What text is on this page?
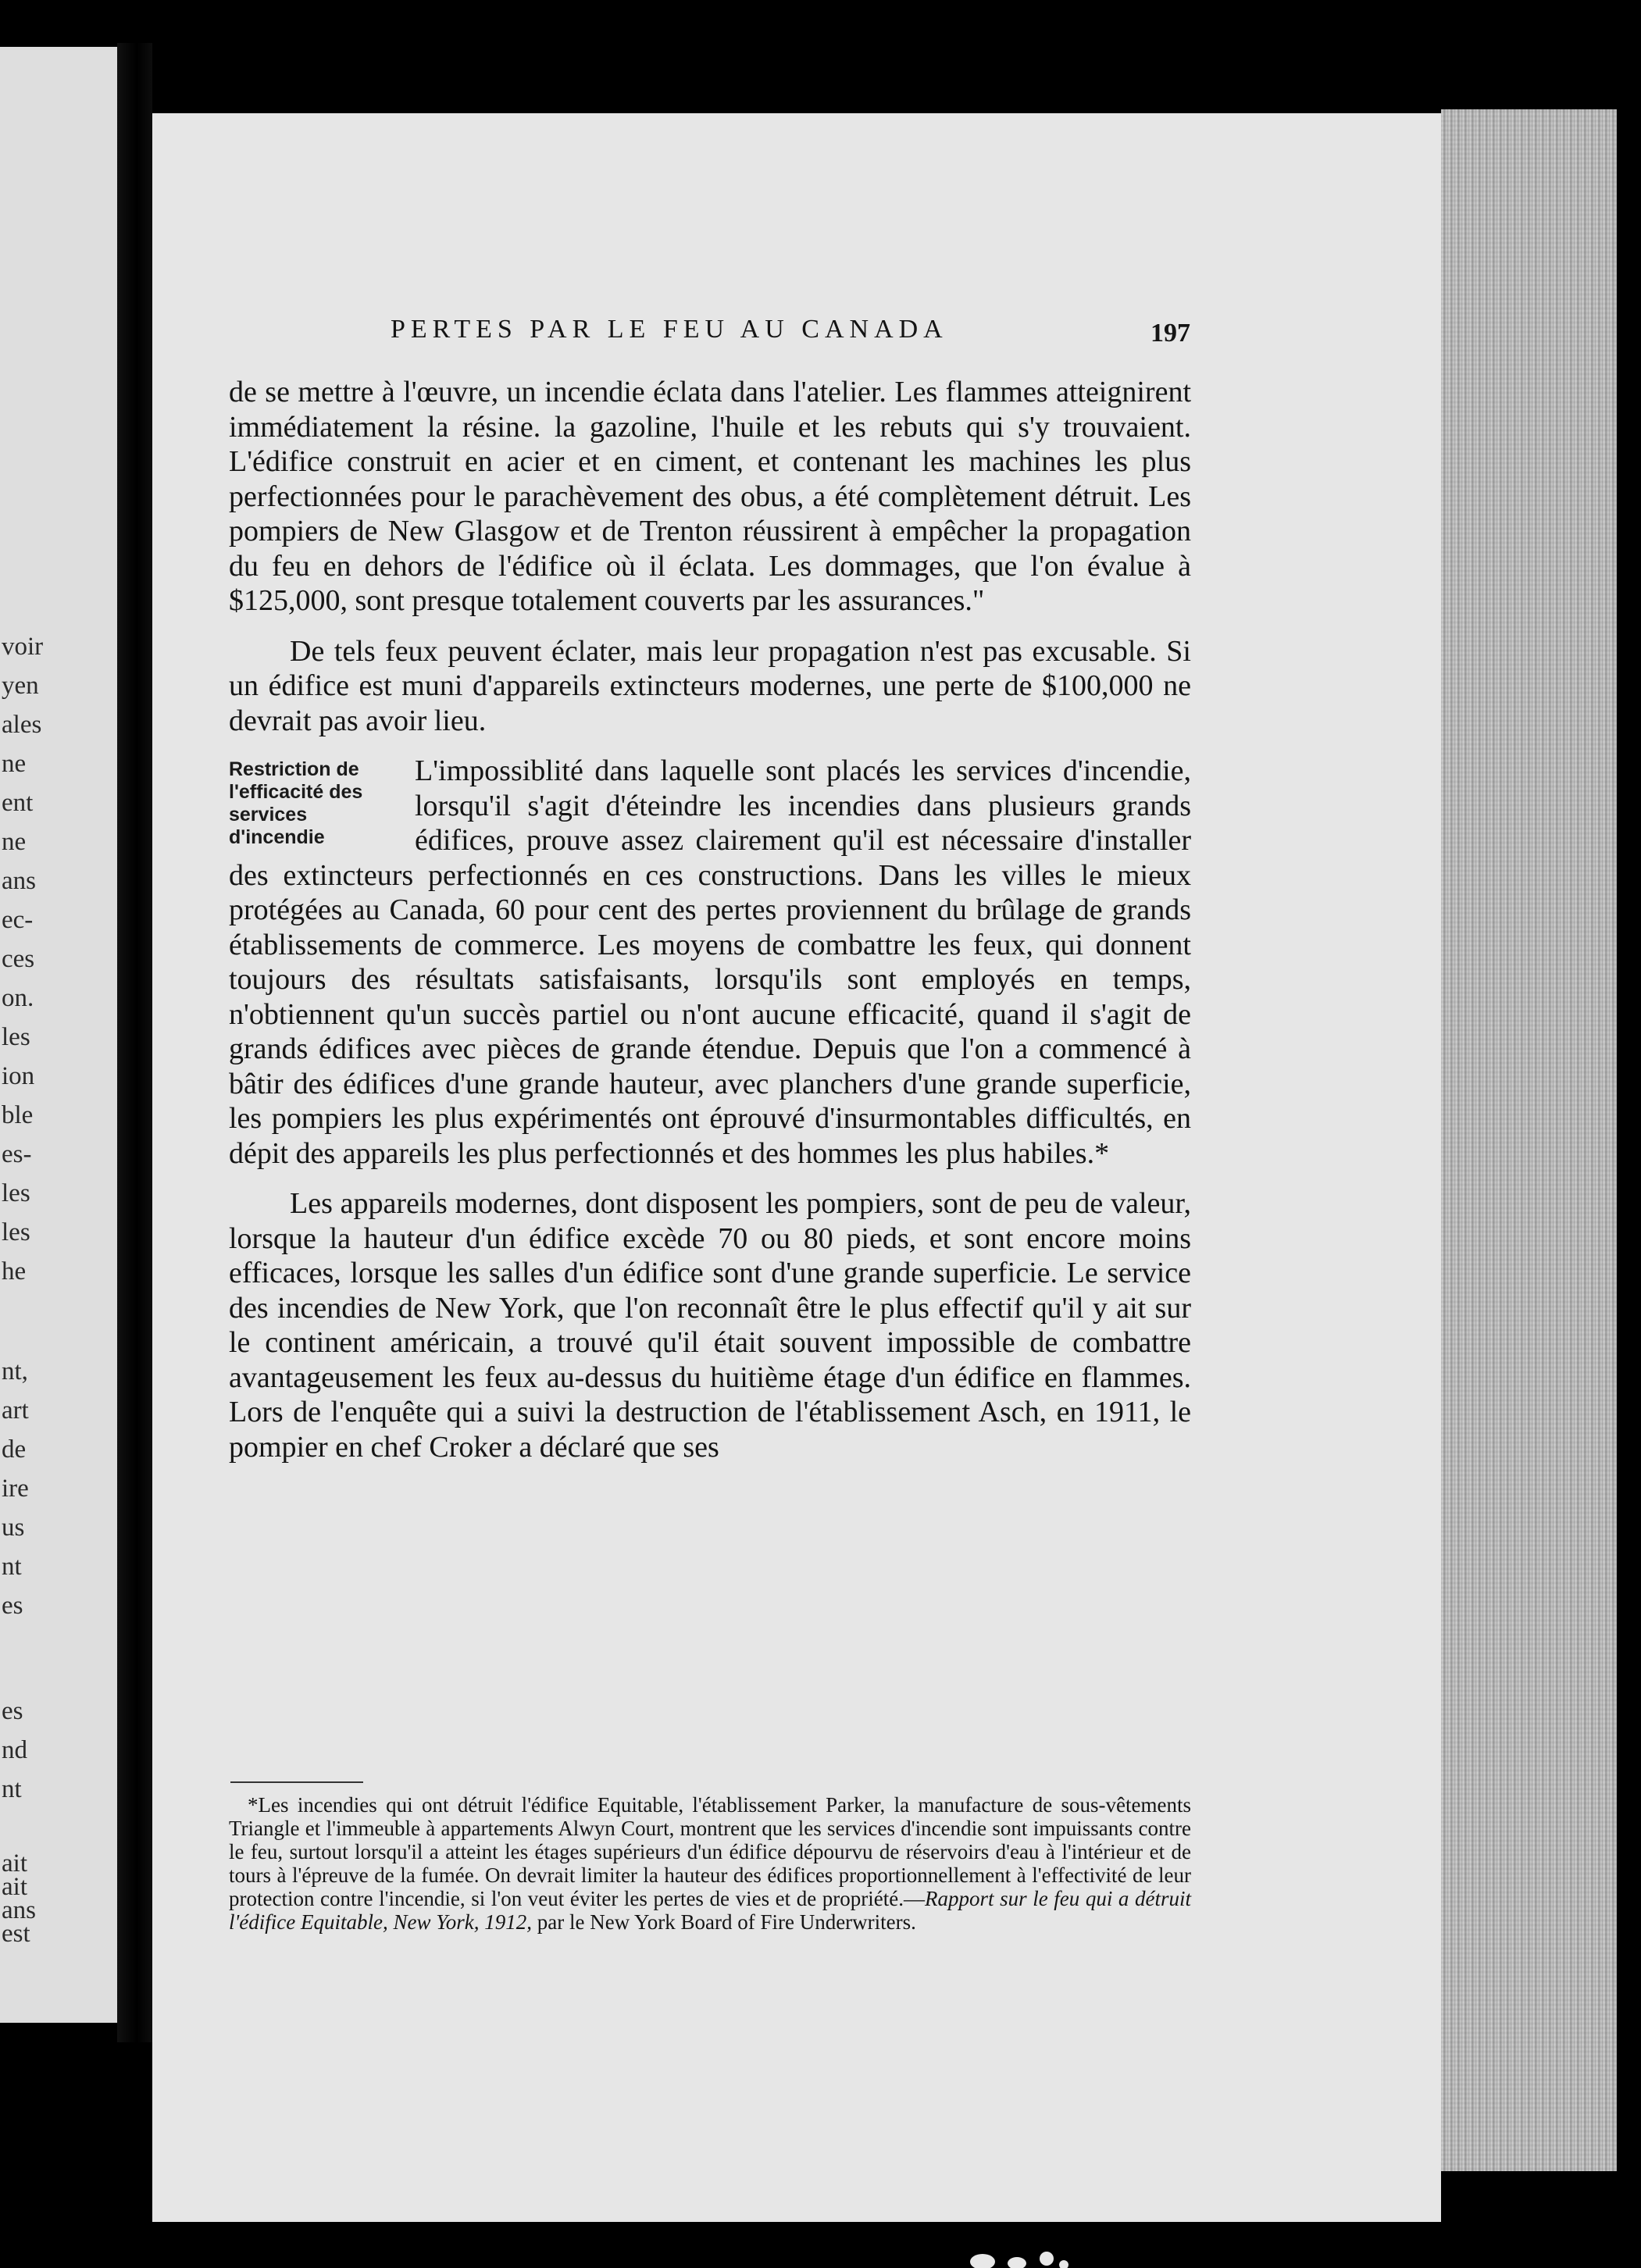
voir
yen
ales
ne
ent
ne
ans
ec-
ces
on.
les
ion
ble
es-
les
les
he
nt,
art
de
ire
us
nt
es
es
nd
nt
ait
ait
ans
est
PERTES PAR LE FEU AU CANADA	197

de se mettre à l'œuvre, un incendie éclata dans l'atelier. Les flammes atteignirent immédiatement la résine. la gazoline, l'huile et les rebuts qui s'y trouvaient. L'édifice construit en acier et en ciment, et contenant les machines les plus perfectionnées pour le parachèvement des obus, a été complètement détruit. Les pompiers de New Glasgow et de Trenton réussirent à empêcher la propagation du feu en dehors de l'édifice où il éclata. Les dommages, que l'on évalue à $125,000, sont presque totalement couverts par les assurances."

De tels feux peuvent éclater, mais leur propagation n'est pas excusable. Si un édifice est muni d'appareils extincteurs modernes, une perte de $100,000 ne devrait pas avoir lieu.

Restriction de l'efficacité des services d'incendie
L'impossiblité dans laquelle sont placés les services d'incendie, lorsqu'il s'agit d'éteindre les incendies dans plusieurs grands édifices, prouve assez clairement qu'il est nécessaire d'installer des extincteurs perfectionnés en ces constructions. Dans les villes le mieux protégées au Canada, 60 pour cent des pertes proviennent du brûlage de grands établissements de commerce. Les moyens de combattre les feux, qui donnent toujours des résultats satisfaisants, lorsqu'ils sont employés en temps, n'obtiennent qu'un succès partiel ou n'ont aucune efficacité, quand il s'agit de grands édifices avec pièces de grande étendue. Depuis que l'on a commencé à bâtir des édifices d'une grande hauteur, avec planchers d'une grande superficie, les pompiers les plus expérimentés ont éprouvé d'insurmontables difficultés, en dépit des appareils les plus perfectionnés et des hommes les plus habiles.*

Les appareils modernes, dont disposent les pompiers, sont de peu de valeur, lorsque la hauteur d'un édifice excède 70 ou 80 pieds, et sont encore moins efficaces, lorsque les salles d'un édifice sont d'une grande superficie. Le service des incendies de New York, que l'on reconnaît être le plus effectif qu'il y ait sur le continent américain, a trouvé qu'il était souvent impossible de combattre avantageusement les feux au-dessus du huitième étage d'un édifice en flammes. Lors de l'enquête qui a suivi la destruction de l'établissement Asch, en 1911, le pompier en chef Croker a déclaré que ses

*Les incendies qui ont détruit l'édifice Equitable, l'établissement Parker, la manufacture de sous-vêtements Triangle et l'immeuble à appartements Alwyn Court, montrent que les services d'incendie sont impuissants contre le feu, surtout lorsqu'il a atteint les étages supérieurs d'un édifice dépourvu de réservoirs d'eau à l'intérieur et de tours à l'épreuve de la fumée. On devrait limiter la hauteur des édifices proportionnellement à l'effectivité de leur protection contre l'incendie, si l'on veut éviter les pertes de vies et de propriété.—Rapport sur le feu qui a détruit l'édifice Equitable, New York, 1912, par le New York Board of Fire Underwriters.
